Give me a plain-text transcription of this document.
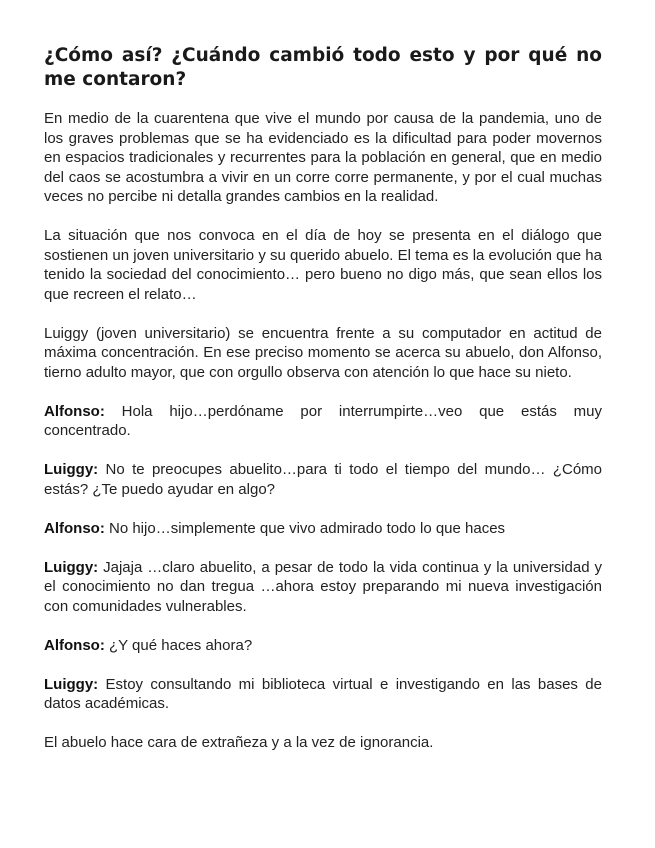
¿Cómo así? ¿Cuándo cambió todo esto y por qué no me contaron?

En medio de la cuarentena que vive el mundo por causa de la pandemia, uno de los graves problemas que se ha evidenciado es la dificultad para poder movernos en espacios tradicionales y recurrentes para la población en general, que en medio del caos se acostumbra a vivir en un corre corre permanente, y por el cual muchas veces no percibe ni detalla grandes cambios en la realidad.

La situación que nos convoca en el día de hoy se presenta en el diálogo que sostienen un joven universitario y su querido abuelo. El tema es la evolución que ha tenido la sociedad del conocimiento… pero bueno no digo más, que sean ellos los que recreen el relato…

Luiggy (joven universitario) se encuentra frente a su computador en actitud de máxima concentración. En ese preciso momento se acerca su abuelo, don Alfonso, tierno adulto mayor, que con orgullo observa con atención lo que hace su nieto.

Alfonso: Hola hijo…perdóname por interrumpirte…veo que estás muy concentrado.

Luiggy: No te preocupes abuelito…para ti todo el tiempo del mundo… ¿Cómo estás? ¿Te puedo ayudar en algo?

Alfonso: No hijo…simplemente que vivo admirado todo lo que haces

Luiggy: Jajaja …claro abuelito, a pesar de todo la vida continua y la universidad y el conocimiento no dan tregua …ahora estoy preparando mi nueva investigación con comunidades vulnerables.

Alfonso: ¿Y qué haces ahora?

Luiggy: Estoy consultando mi biblioteca virtual e investigando en las bases de datos académicas.

El abuelo hace cara de extrañeza y a la vez de ignorancia.
